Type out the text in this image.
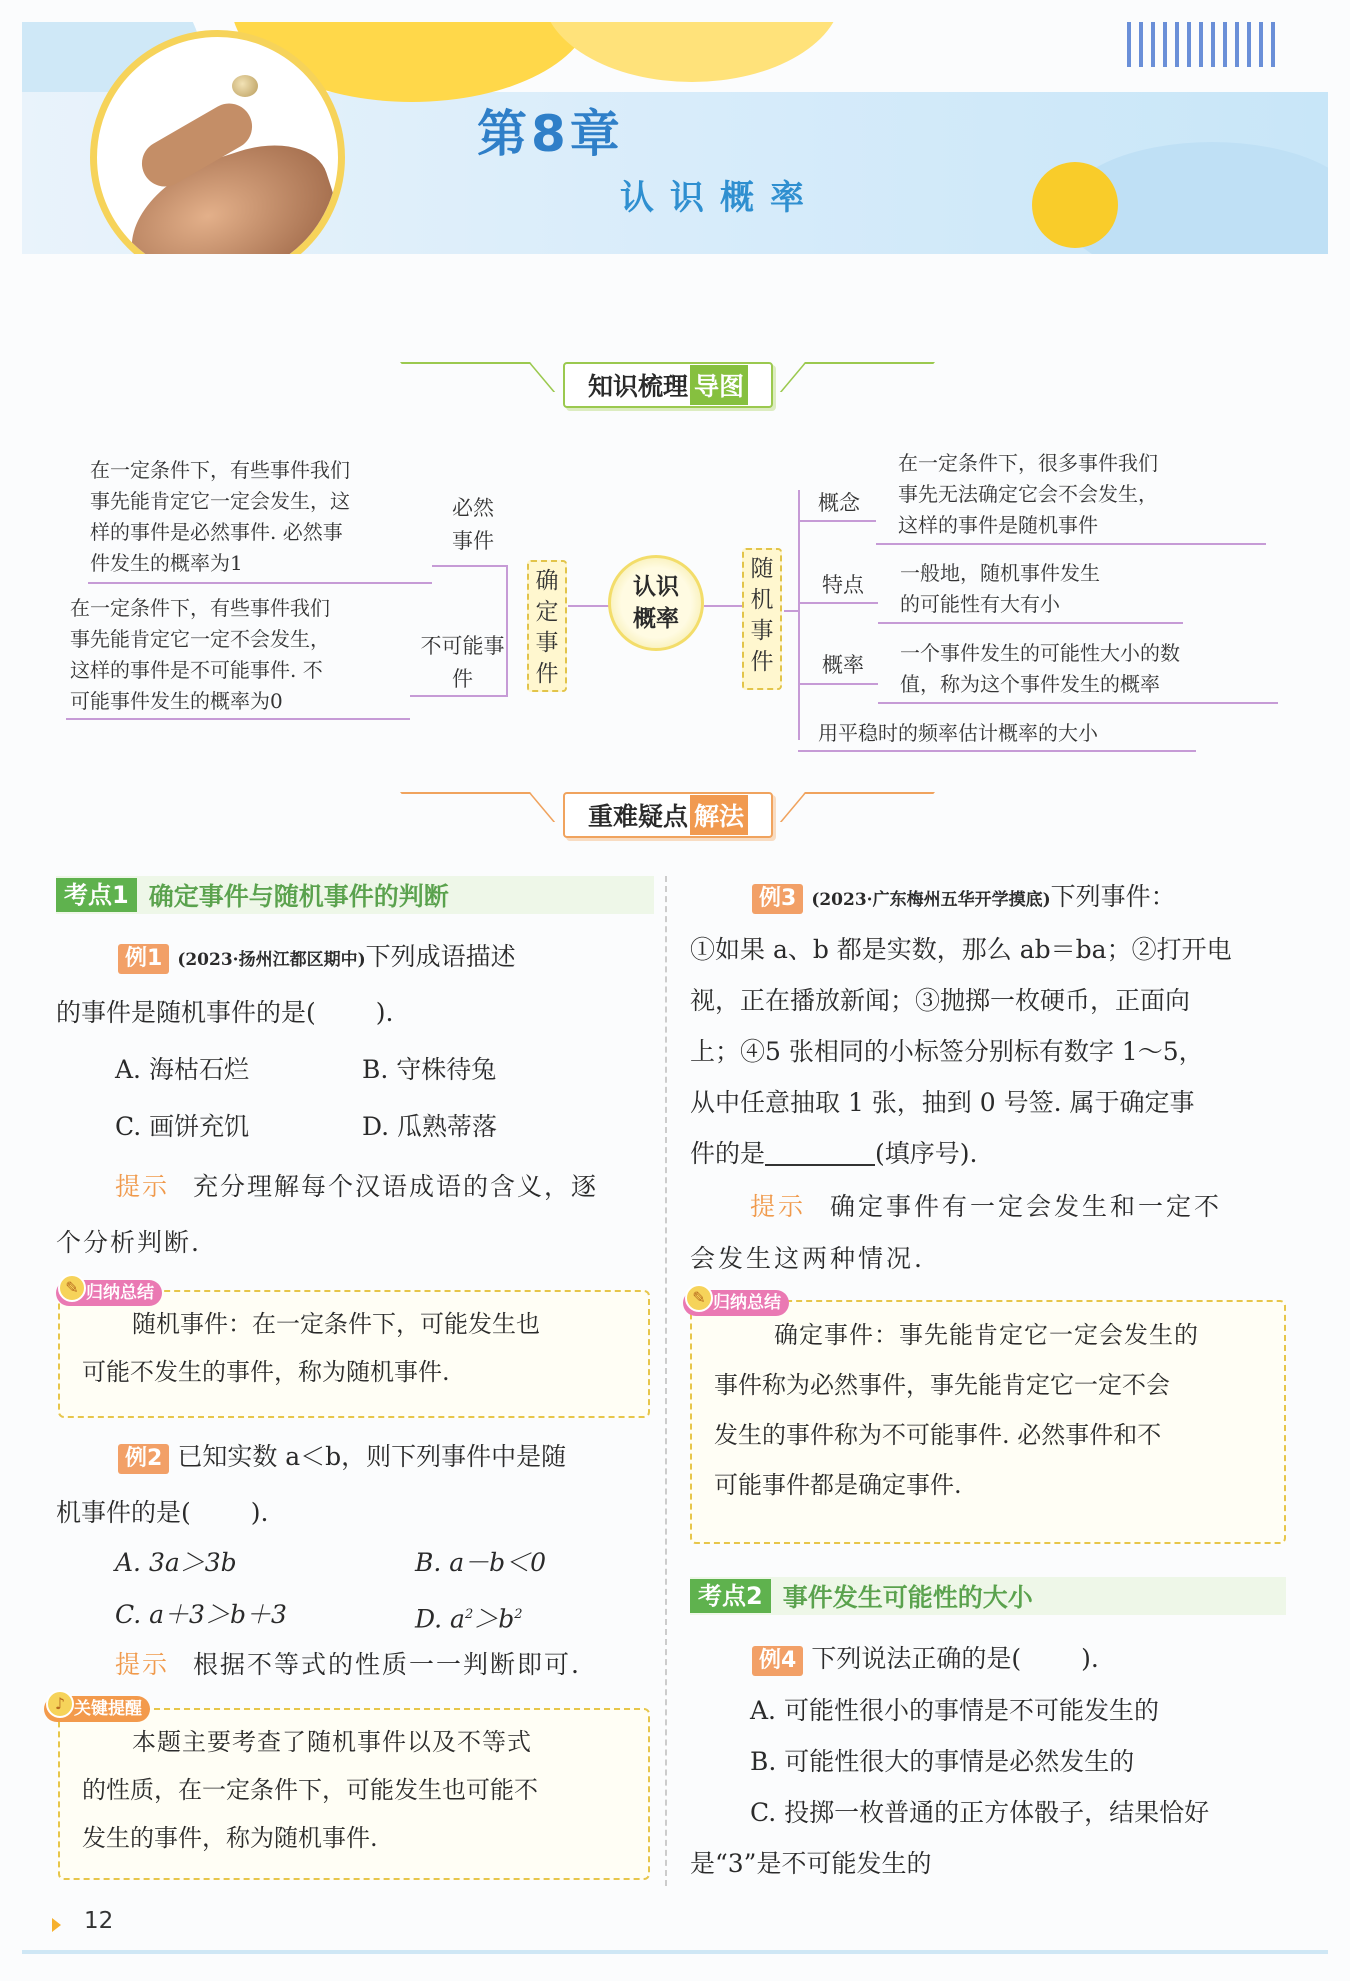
第8章
认识概率
知识梳理 导图
在一定条件下，有些事件我们
事先能肯定它一定会发生，这
样的事件是必然事件. 必然事
件发生的概率为1
必然事件
在一定条件下，有些事件我们
事先能肯定它一定不会发生，
这样的事件是不可能事件. 不
可能事件发生的概率为0
不可能事件
确定事件
认识概率
随机事件
概念
在一定条件下，很多事件我们
事先无法确定它会不会发生，
这样的事件是随机事件
特点 一般地，随机事件发生
的可能性有大有小
概率 一个事件发生的可能性大小的数
值，称为这个事件发生的概率
用平稳时的频率估计概率的大小
重难疑点 解法
考点1 确定事件与随机事件的判断
例1 (2023·扬州江都区期中)下列成语描述
的事件是随机事件的是( ).
A. 海枯石烂	B. 守株待兔
C. 画饼充饥	D. 瓜熟蒂落
提示 充分理解每个汉语成语的含义，逐
个分析判断.
随机事件：在一定条件下，可能发生也
可能不发生的事件，称为随机事件.
✎ 归纳总结
例2 已知实数 a＜b，则下列事件中是随
机事件的是( ).
A. 3a＞3b	B. a－b＜0
C. a＋3＞b＋3	D. $a^2>b^2$
提示 根据不等式的性质一一判断即可.
本题主要考查了随机事件以及不等式
的性质，在一定条件下，可能发生也可能不
发生的事件，称为随机事件.
♪ 关键提醒
例3 (2023·广东梅州五华开学摸底)下列事件：
①如果 a、b 都是实数，那么 ab＝ba；②打开电
视，正在播放新闻；③抛掷一枚硬币，正面向
上；④5 张相同的小标签分别标有数字 1～5，
从中任意抽取 1 张，抽到 0 号签. 属于确定事
件的是	(填序号).
提示 确定事件有一定会发生和一定不
会发生这两种情况.
确定事件：事先能肯定它一定会发生的
事件称为必然事件，事先能肯定它一定不会
发生的事件称为不可能事件. 必然事件和不
可能事件都是确定事件.
✎ 归纳总结
考点2 事件发生可能性的大小
例4 下列说法正确的是( ).
A. 可能性很小的事情是不可能发生的
B. 可能性很大的事情是必然发生的
C. 投掷一枚普通的正方体骰子，结果恰好
是“3”是不可能发生的
12
